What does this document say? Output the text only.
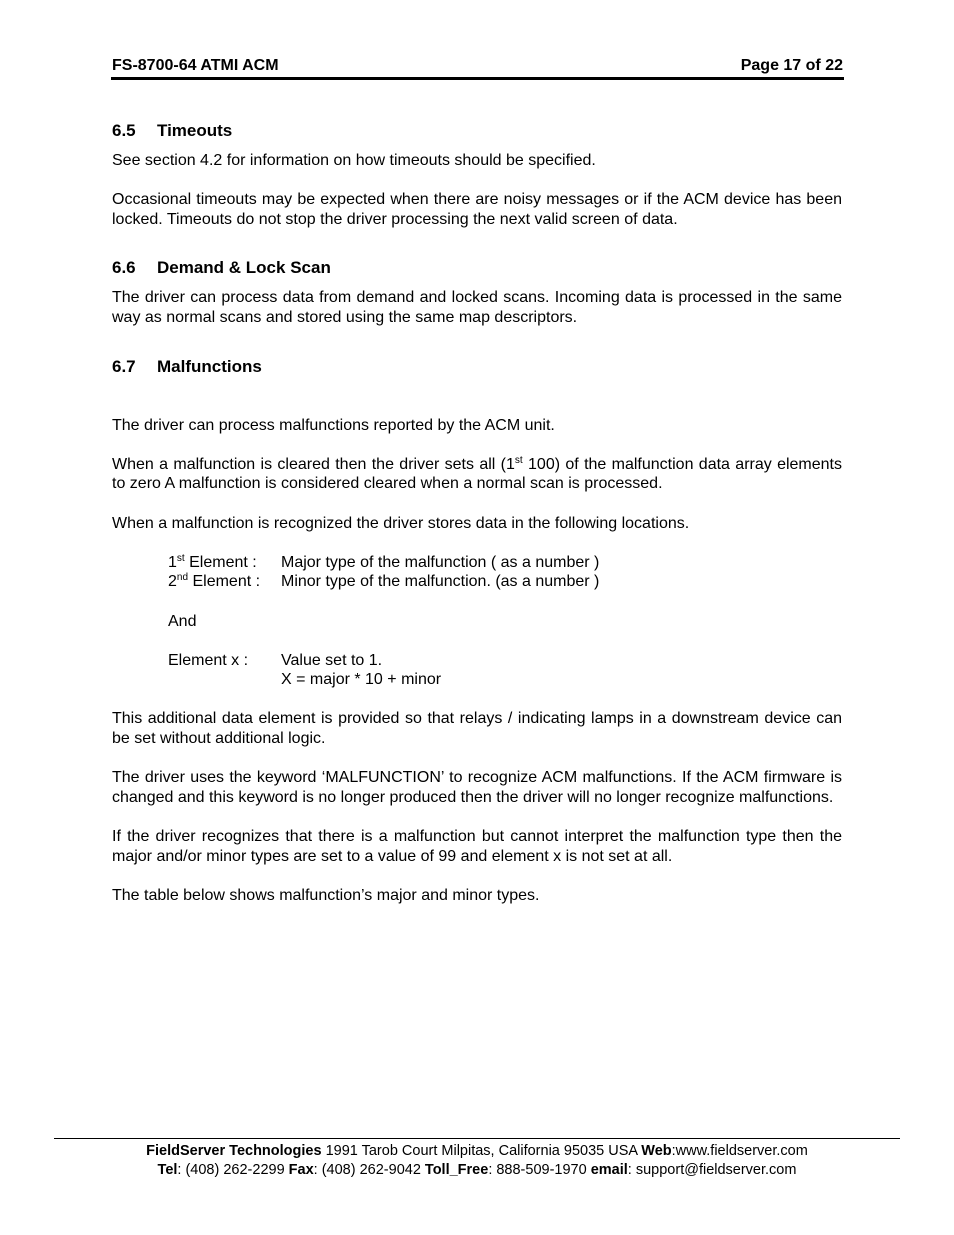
FS-8700-64 ATMI ACM	Page 17 of 22
6.5 Timeouts

See section 4.2 for information on how timeouts should be specified.

Occasional timeouts may be expected when there are noisy messages or if the ACM device has been locked. Timeouts do not stop the driver processing the next valid screen of data.

6.6 Demand & Lock Scan

The driver can process data from demand and locked scans. Incoming data is processed in the same way as normal scans and stored using the same map descriptors.

6.7 Malfunctions

The driver can process malfunctions reported by the ACM unit.

When a malfunction is cleared then the driver sets all (1st 100) of the malfunction data array elements to zero A malfunction is considered cleared when a normal scan is processed.

When a malfunction is recognized the driver stores data in the following locations.

1st Element :	Major type of the malfunction ( as a number )
2nd Element :	Minor type of the malfunction. (as a number )
And
Element x :	Value set to 1.
X = major * 10 + minor

This additional data element is provided so that relays / indicating lamps in a downstream device can be set without additional logic.

The driver uses the keyword ‘MALFUNCTION’ to recognize ACM malfunctions. If the ACM firmware is changed and this keyword is no longer produced then the driver will no longer recognize malfunctions.

If the driver recognizes that there is a malfunction but cannot interpret the malfunction type then the major and/or minor types are set to a value of 99 and element x is not set at all.

The table below shows malfunction’s major and minor types.

FieldServer Technologies 1991 Tarob Court Milpitas, California 95035 USA Web:www.fieldserver.com
Tel: (408) 262-2299 Fax: (408) 262-9042 Toll_Free: 888-509-1970 email: support@fieldserver.com
